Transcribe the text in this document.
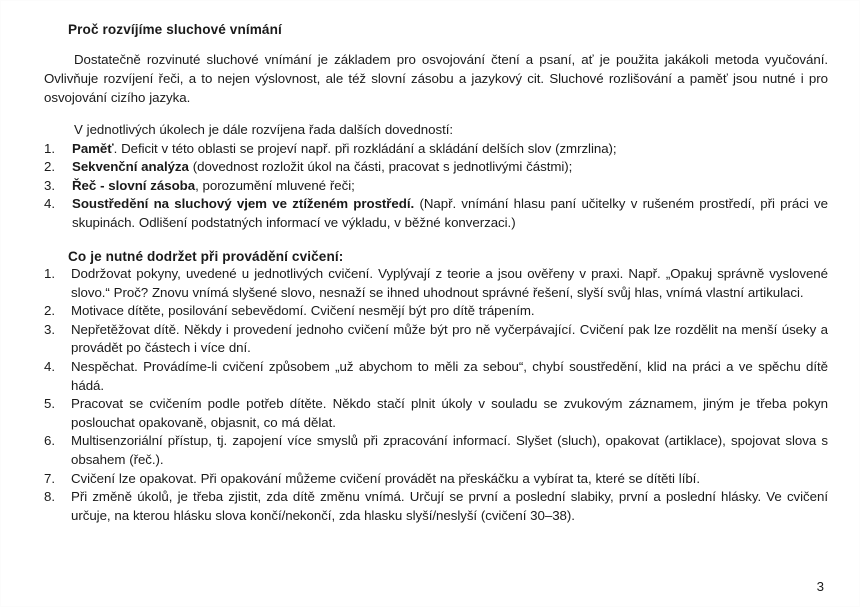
Proč rozvíjíme sluchové vnímání

Dostatečně rozvinuté sluchové vnímání je základem pro osvojování čtení a psaní, ať je použita jakákoli metoda vyučování. Ovlivňuje rozvíjení řeči, a to nejen výslovnost, ale též slovní zásobu a jazykový cit. Sluchové rozlišování a paměť jsou nutné i pro osvojování cizího jazyka.

V jednotlivých úkolech je dále rozvíjena řada dalších dovedností:

1.	Paměť. Deficit v této oblasti se projeví např. při rozkládání a skládání delších slov (zmrzlina);
2.	Sekvenční analýza (dovednost rozložit úkol na části, pracovat s jednotlivými částmi);
3.	Řeč - slovní zásoba, porozumění mluvené řeči;
4.	Soustředění na sluchový vjem ve ztíženém prostředí. (Např. vnímání hlasu paní učitelky v rušeném prostředí, při práci ve skupinách. Odlišení podstatných informací ve výkladu, v běžné konverzaci.)
Co je nutné dodržet při provádění cvičení:
1.	Dodržovat pokyny, uvedené u jednotlivých cvičení. Vyplývají z teorie a jsou ověřeny v praxi. Např. „Opakuj správně vyslovené slovo.“ Proč? Znovu vnímá slyšené slovo, nesnaží se ihned uhodnout správné řešení, slyší svůj hlas, vnímá vlastní artikulaci.
2.	Motivace dítěte, posilování sebevědomí. Cvičení nesmějí být pro dítě trápením.
3.	Nepřetěžovat dítě. Někdy i provedení jednoho cvičení může být pro ně vyčerpávající. Cvičení pak lze rozdělit na menší úseky a provádět po částech i více dní.
4.	Nespěchat. Provádíme-li cvičení způsobem „už abychom to měli za sebou“, chybí soustředění, klid na práci a ve spěchu dítě hádá.
5.	Pracovat se cvičením podle potřeb dítěte. Někdo stačí plnit úkoly v souladu se zvukovým záznamem, jiným je třeba pokyn poslouchat opakovaně, objasnit, co má dělat.
6.	Multisenzoriální přístup, tj. zapojení více smyslů při zpracování informací. Slyšet (sluch), opakovat (artiklace), spojovat slova s obsahem (řeč.).
7.	Cvičení lze opakovat. Při opakování můžeme cvičení provádět na přeskáčku a vybírat ta, které se dítěti líbí.
8.	Při změně úkolů, je třeba zjistit, zda dítě změnu vnímá. Určují se první a poslední slabiky, první a poslední hlásky. Ve cvičení určuje, na kterou hlásku slova končí/nekončí, zda hlasku slyší/neslyší (cvičení 30–38).
3
